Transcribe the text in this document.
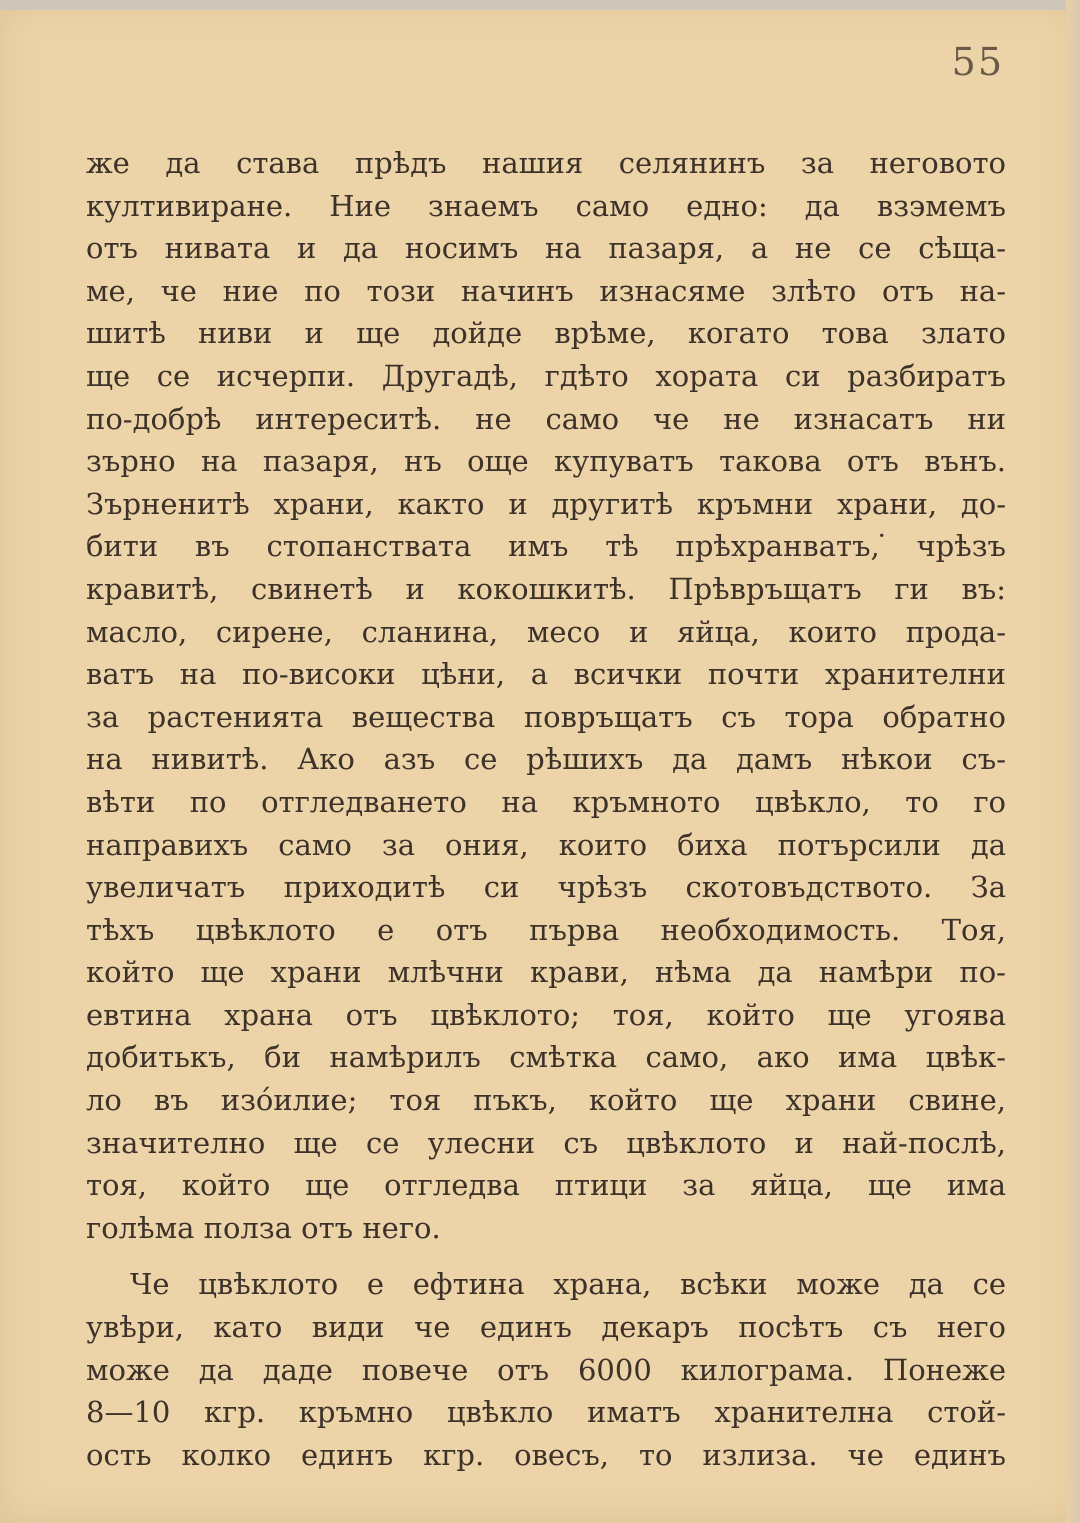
55
же да става прѣдъ нашия селянинъ за неговото
култивиране. Ние знаемъ само едно: да взэмемъ
отъ нивата и да носимъ на пазаря, а не се сѣща-
ме, че ние по този начинъ изнасяме злѣто отъ на-
шитѣ ниви и ще дойде врѣме, когато това злато
ще се исчерпи. Другадѣ, гдѣто хората си разбиратъ
по-добрѣ интереситѣ. не само че не изнасатъ ни
зърно на пазаря, нъ още купуватъ такова отъ вънъ.
Зърненитѣ храни, както и другитѣ кръмни храни, до-
бити въ стопанствата имъ тѣ прѣхранватъ, ̇чрѣзъ
кравитѣ, свинетѣ и кокошкитѣ. Прѣвръщатъ ги въ:
масло, сирене, сланина, месо и яйца, които прода-
ватъ на по-високи цѣни, а всички почти хранителни
за растенията вещества повръщатъ съ тора обратно
на нивитѣ. Ако азъ се рѣшихъ да дамъ нѣкои съ-
вѣти по отгледването на кръмното цвѣкло, то го
направихъ само за ония, които биха потърсили да
увеличатъ приходитѣ си чрѣзъ скотовъдството. За
тѣхъ цвѣклото е отъ първа необходимость. Тоя,
който ще храни млѣчни крави, нѣма да намѣри по-
евтина храна отъ цвѣклото; тоя, който ще угоява
добитькъ, би намѣрилъ смѣтка само, ако има цвѣк-
ло въ изо́илие; тоя пъкъ, който ще храни свине,
значително ще се улесни съ цвѣклото и най-послѣ,
тоя, който ще отгледва птици за яйца, ще има
голѣма полза отъ него.
Че цвѣклото е ефтина храна, всѣки може да се
увѣри, като види че единъ декаръ посѣтъ съ него
може да даде повече отъ 6000 килограма. Понеже
8—10 кгр. кръмно цвѣкло иматъ хранителна стой-
ость колко единъ кгр. овесъ, то излиза. че единъ
